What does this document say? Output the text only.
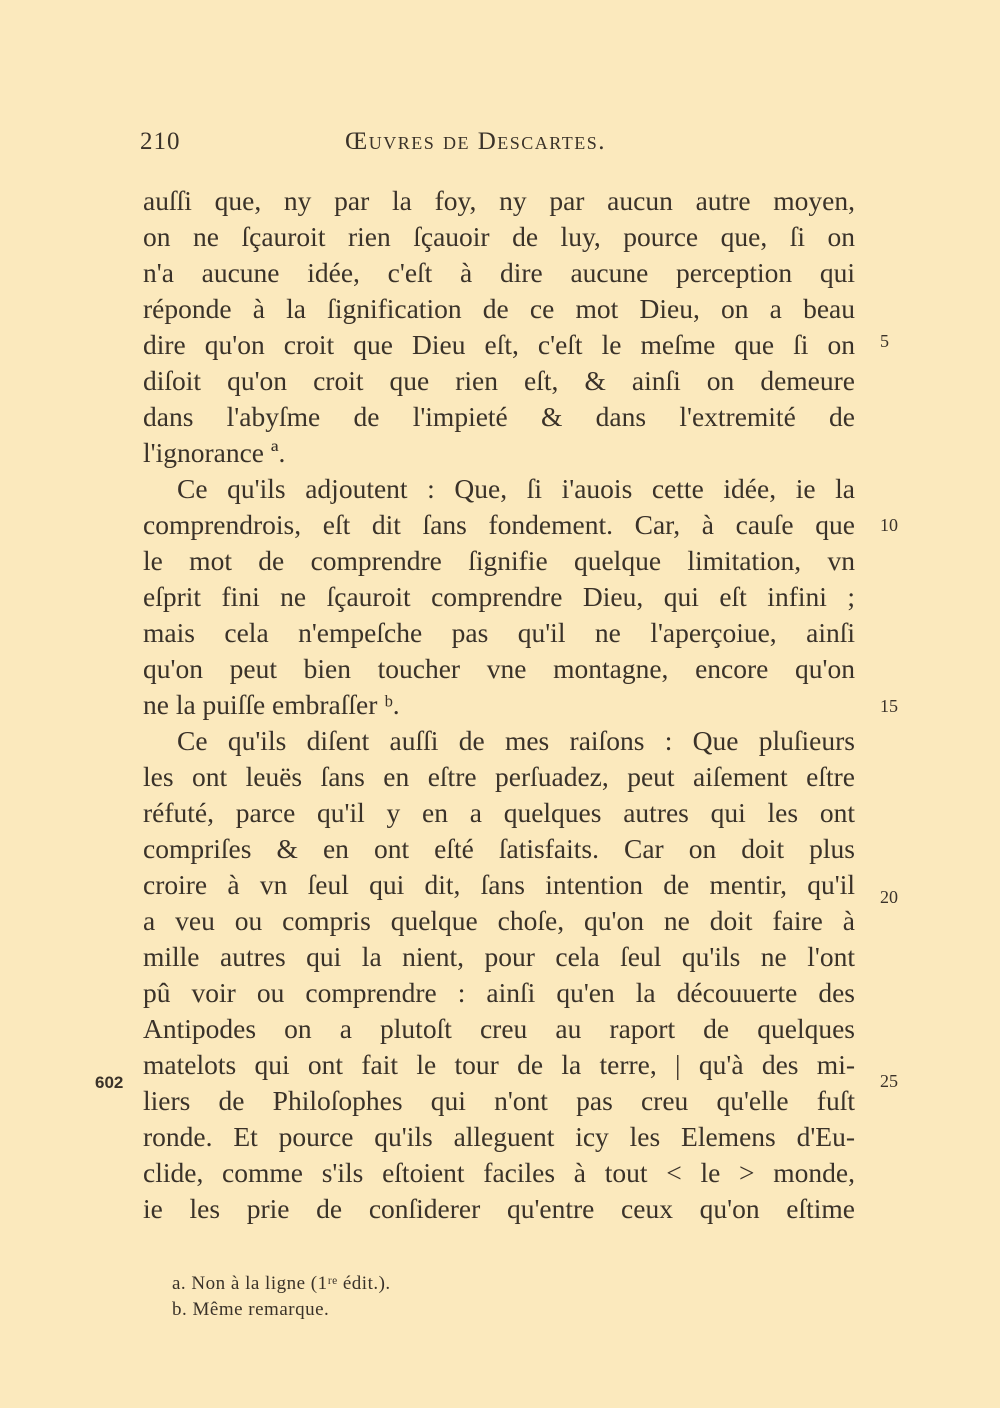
210	Œuvres de Descartes.
auſſi que, ny par la foy, ny par aucun autre moyen,
on ne ſçauroit rien ſçauoir de luy, pource que, ſi on
n'a aucune idée, c'eſt à dire aucune perception qui
réponde à la ſignification de ce mot Dieu, on a beau
dire qu'on croit que Dieu eſt, c'eſt le meſme que ſi on
diſoit qu'on croit que rien eſt, & ainſi on demeure
dans l'abyſme de l'impieté & dans l'extremité de
l'ignorance ª.
Ce qu'ils adjoutent : Que, ſi i'auois cette idée, ie la
comprendrois, eſt dit ſans fondement. Car, à cauſe que
le mot de comprendre ſignifie quelque limitation, vn
eſprit fini ne ſçauroit comprendre Dieu, qui eſt infini ;
mais cela n'empeſche pas qu'il ne l'aperçoiue, ainſi
qu'on peut bien toucher vne montagne, encore qu'on
ne la puiſſe embraſſer ᵇ.
Ce qu'ils diſent auſſi de mes raiſons : Que pluſieurs
les ont leuës ſans en eſtre perſuadez, peut aiſement eſtre
réfuté, parce qu'il y en a quelques autres qui les ont
compriſes & en ont eſté ſatisfaits. Car on doit plus
croire à vn ſeul qui dit, ſans intention de mentir, qu'il
a veu ou compris quelque choſe, qu'on ne doit faire à
mille autres qui la nient, pour cela ſeul qu'ils ne l'ont
pû voir ou comprendre : ainſi qu'en la découuerte des
Antipodes on a plutoſt creu au raport de quelques
matelots qui ont fait le tour de la terre, | qu'à des mi-
liers de Philoſophes qui n'ont pas creu qu'elle fuſt
ronde. Et pource qu'ils alleguent icy les Elemens d'Eu-
clide, comme s'ils eſtoient faciles à tout < le > monde,
ie les prie de conſiderer qu'entre ceux qu'on eſtime
5
10
15
20
25
602
a. Non à la ligne (1ʳᵉ édit.).
b. Même remarque.
